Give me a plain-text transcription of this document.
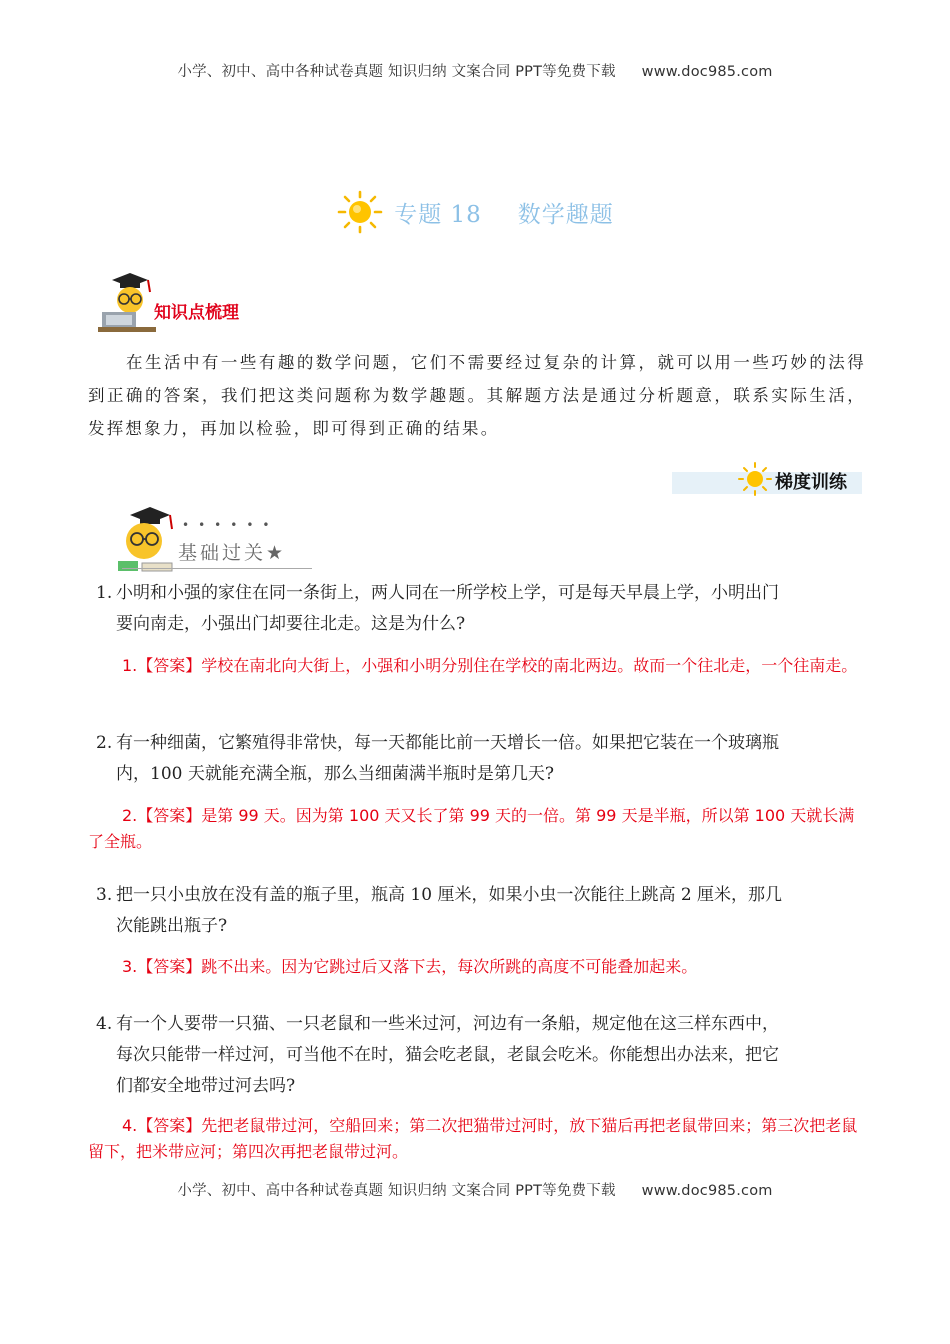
小学、初中、高中各种试卷真题 知识归纳 文案合同 PPT等免费下载 www.doc985.com
专题 18 数学趣题
知识点梳理
在生活中有一些有趣的数学问题，它们不需要经过复杂的计算，就可以用一些巧妙的法得到正确的答案，我们把这类问题称为数学趣题。其解题方法是通过分析题意，联系实际生活，发挥想象力，再加以检验，即可得到正确的结果。
梯度训练
••••••
基础过关★
1. 小明和小强的家住在同一条街上，两人同在一所学校上学，可是每天早晨上学，小明出门
要向南走，小强出门却要往北走。这是为什么?
1.【答案】学校在南北向大街上，小强和小明分别住在学校的南北两边。故而一个往北走，一个往南走。
2. 有一种细菌，它繁殖得非常快，每一天都能比前一天增长一倍。如果把它装在一个玻璃瓶
内，100 天就能充满全瓶，那么当细菌满半瓶时是第几天?
2.【答案】是第 99 天。因为第 100 天又长了第 99 天的一倍。第 99 天是半瓶，所以第 100 天就长满了全瓶。
3. 把一只小虫放在没有盖的瓶子里，瓶高 10 厘米，如果小虫一次能往上跳高 2 厘米，那几
次能跳出瓶子?
3.【答案】跳不出来。因为它跳过后又落下去，每次所跳的高度不可能叠加起来。
4. 有一个人要带一只猫、一只老鼠和一些米过河，河边有一条船，规定他在这三样东西中，
每次只能带一样过河，可当他不在时，猫会吃老鼠，老鼠会吃米。你能想出办法来，把它
们都安全地带过河去吗?
4.【答案】先把老鼠带过河，空船回来；第二次把猫带过河时，放下猫后再把老鼠带回来；第三次把老鼠留下，把米带应河；第四次再把老鼠带过河。
小学、初中、高中各种试卷真题 知识归纳 文案合同 PPT等免费下载 www.doc985.com
